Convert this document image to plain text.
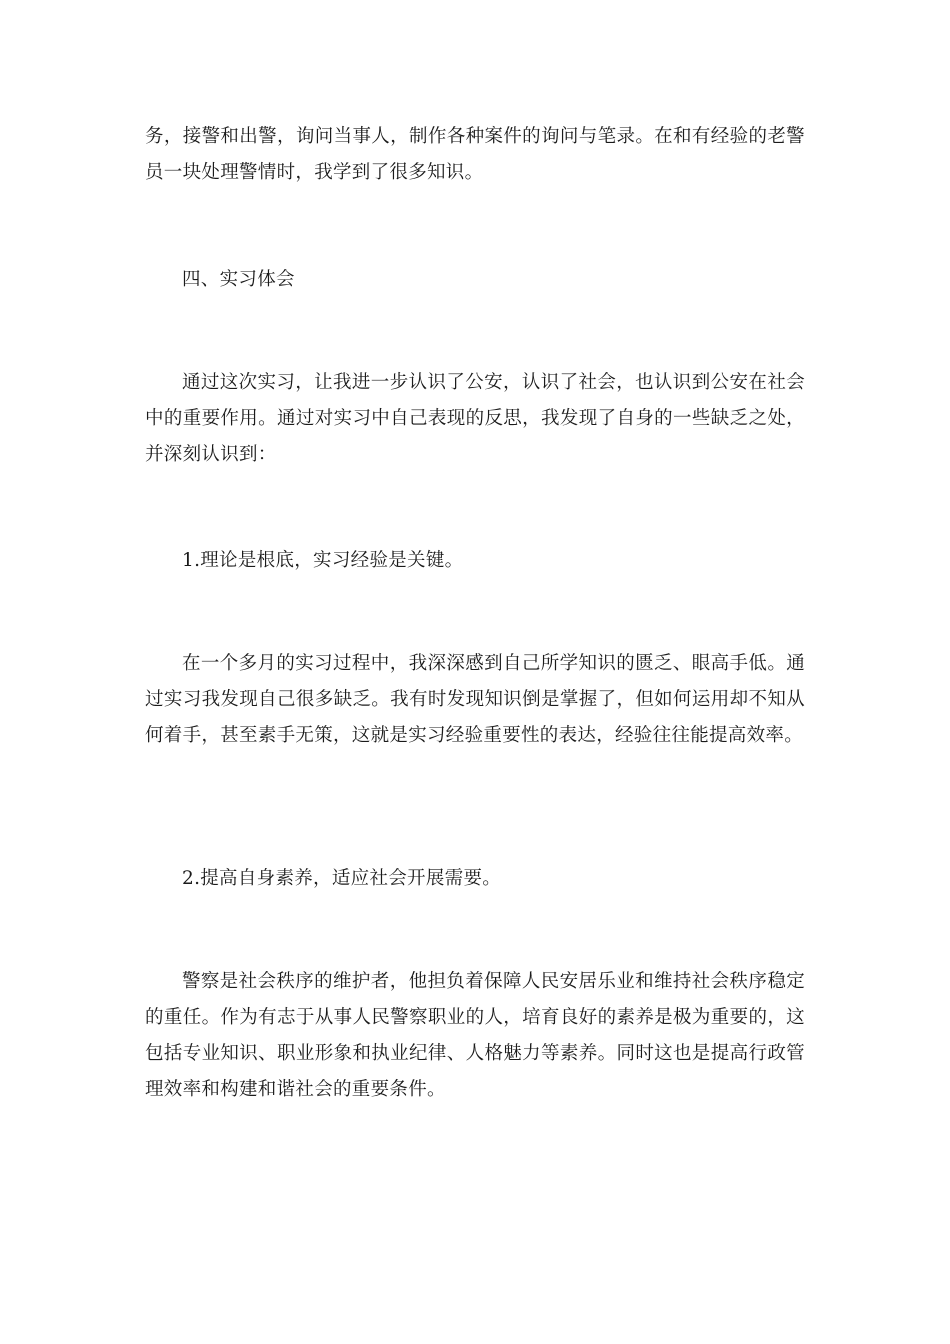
务，接警和出警，询问当事人，制作各种案件的询问与笔录。在和有经验的老警员一块处理警情时，我学到了很多知识。

四、实习体会

通过这次实习，让我进一步认识了公安，认识了社会，也认识到公安在社会中的重要作用。通过对实习中自己表现的反思，我发现了自身的一些缺乏之处，并深刻认识到：

1.理论是根底，实习经验是关键。

在一个多月的实习过程中，我深深感到自己所学知识的匮乏、眼高手低。通过实习我发现自己很多缺乏。我有时发现知识倒是掌握了，但如何运用却不知从何着手，甚至素手无策，这就是实习经验重要性的表达，经验往往能提高效率。

2.提高自身素养，适应社会开展需要。

警察是社会秩序的维护者，他担负着保障人民安居乐业和维持社会秩序稳定的重任。作为有志于从事人民警察职业的人，培育良好的素养是极为重要的，这包括专业知识、职业形象和执业纪律、人格魅力等素养。同时这也是提高行政管理效率和构建和谐社会的重要条件。
